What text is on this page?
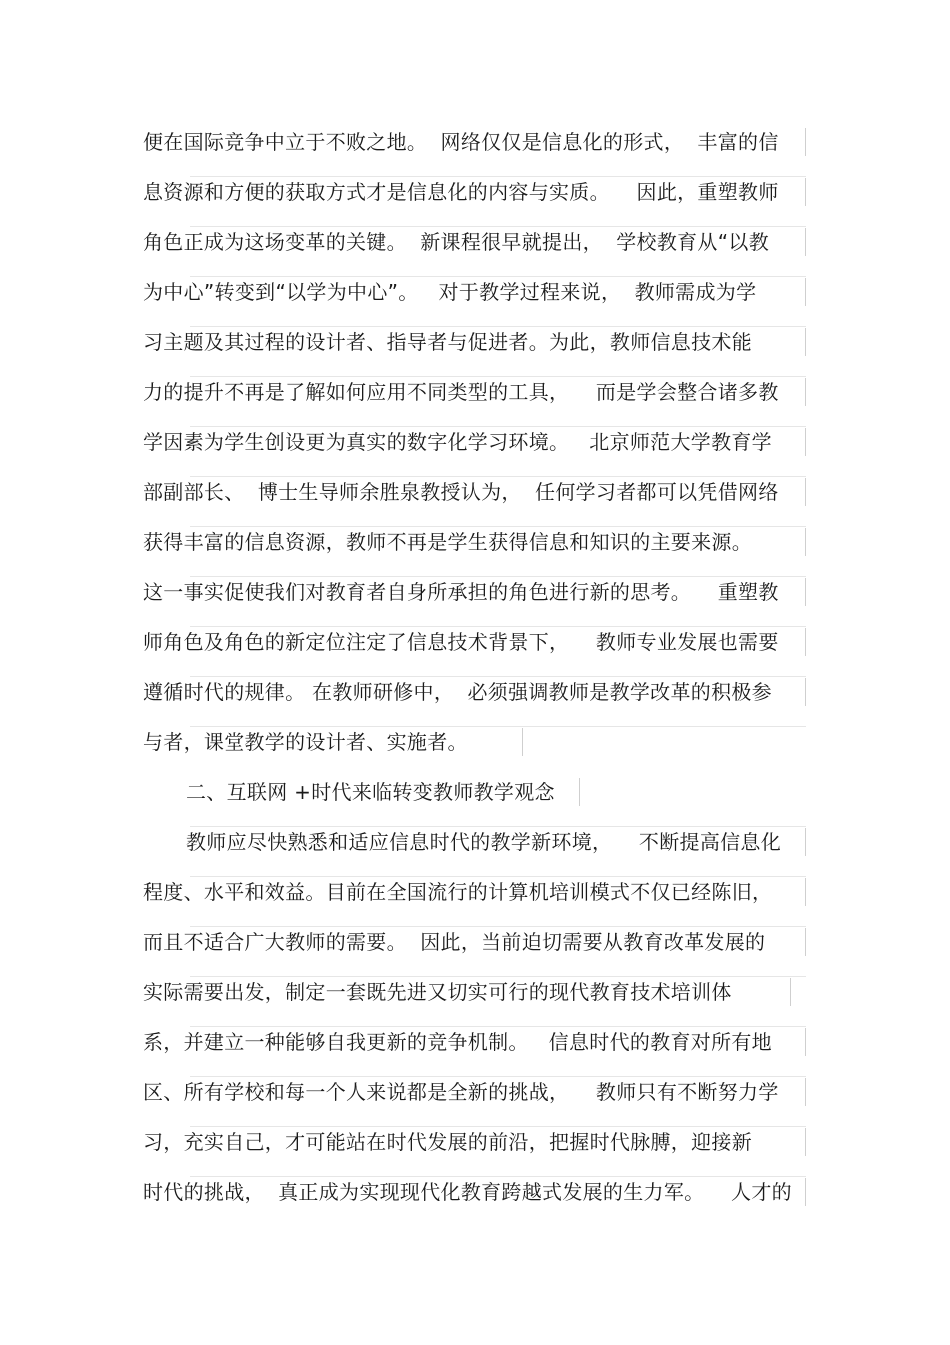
便在国际竞争中立于不败之地。  网络仅仅是信息化的形式，  丰富的信
息资源和方便的获取方式才是信息化的内容与实质。    因此，重塑教师
角色正成为这场变革的关键。  新课程很早就提出，  学校教育从“以教
为中心”转变到“以学为中心”。   对于教学过程来说，  教师需成为学
习主题及其过程的设计者、指导者与促进者。为此，教师信息技术能
力的提升不再是了解如何应用不同类型的工具，    而是学会整合诸多教
学因素为学生创设更为真实的数字化学习环境。   北京师范大学教育学
部副部长、  博士生导师余胜泉教授认为，  任何学习者都可以凭借网络
获得丰富的信息资源，教师不再是学生获得信息和知识的主要来源。
这一事实促使我们对教育者自身所承担的角色进行新的思考。    重塑教
师角色及角色的新定位注定了信息技术背景下，    教师专业发展也需要
遵循时代的规律。 在教师研修中，  必须强调教师是教学改革的积极参
与者，课堂教学的设计者、实施者。
二、互联网 +时代来临转变教师教学观念
教师应尽快熟悉和适应信息时代的教学新环境，    不断提高信息化
程度、水平和效益。目前在全国流行的计算机培训模式不仅已经陈旧，
而且不适合广大教师的需要。  因此，当前迫切需要从教育改革发展的
实际需要出发，制定一套既先进又切实可行的现代教育技术培训体
系，并建立一种能够自我更新的竞争机制。   信息时代的教育对所有地
区、所有学校和每一个人来说都是全新的挑战，    教师只有不断努力学
习，充实自己，才可能站在时代发展的前沿，把握时代脉膊，迎接新
时代的挑战，  真正成为实现现代化教育跨越式发展的生力军。    人才的
